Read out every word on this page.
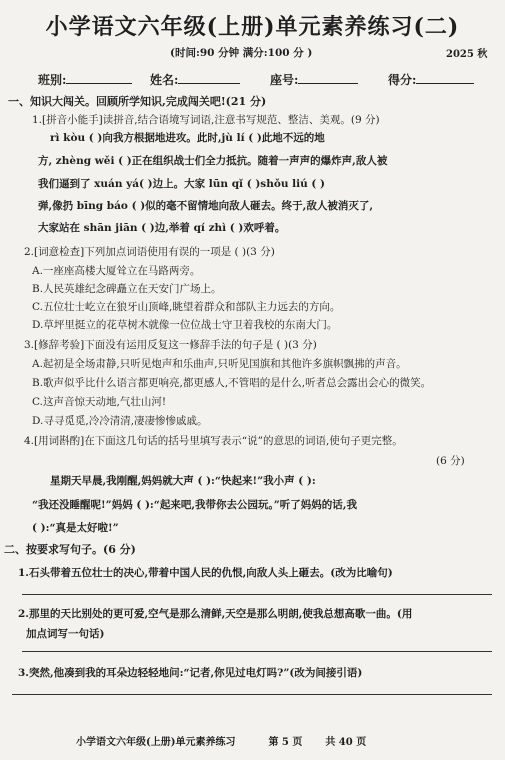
小学语文六年级(上册)单元素养练习(二)
(时间:90 分钟 满分:100 分 )	2025 秋
班别:	姓名:	座号:	得分:
一、知识大闯关。回顾所学知识,完成闯关吧!(21 分)
1.[拼音小能手]读拼音,结合语境写词语,注意书写规范、整洁、美观。(9 分)
rì kòu ( )向我方根据地进攻。此时,jù lí ( )此地不远的地
方, zhèng wěi ( )正在组织战士们全力抵抗。随着一声声的爆炸声,敌人被
我们逼到了 xuán yá( )边上。大家 lūn qǐ ( )shǒu liú ( )
弹,像扔 bīng báo ( )似的毫不留情地向敌人砸去。终于,敌人被消灭了,
大家站在 shān jiān ( )边,举着 qí zhì ( )欢呼着。
2.[词意检查]下列加点词语使用有误的一项是 ( )(3 分)
A.一座座高楼大厦耸立在马路两旁。
B.人民英雄纪念碑矗立在天安门广场上。
C.五位壮士屹立在狼牙山顶峰,眺望着群众和部队主力远去的方向。
D.草坪里挺立的花草树木就像一位位战士守卫着我校的东南大门。
3.[修辞考验]下面没有运用反复这一修辞手法的句子是 ( )(3 分)
A.起初是全场肃静,只听见炮声和乐曲声,只听见国旗和其他许多旗帜飘拂的声音。
B.歌声似乎比什么语言都更响亮,都更感人,不管唱的是什么,听者总会露出会心的微笑。
C.这声音惊天动地,气壮山河!
D.寻寻觅觅,冷冷清清,凄凄惨惨戚戚。
4.[用词斟酌]在下面这几句话的括号里填写表示“说”的意思的词语,使句子更完整。
(6 分)
星期天早晨,我刚醒,妈妈就大声 ( ):“快起来!”我小声 ( ):
“我还没睡醒呢!”妈妈 ( ):“起来吧,我带你去公园玩。”听了妈妈的话,我
( ):“真是太好啦!”
二、按要求写句子。(6 分)
1.石头带着五位壮士的决心,带着中国人民的仇恨,向敌人头上砸去。(改为比喻句)
2.那里的天比别处的更可爱,空气是那么清鲜,天空是那么明朗,使我总想高歌一曲。(用
加点词写一句话)
3.突然,他凑到我的耳朵边轻轻地问:“记者,你见过电灯吗?”(改为间接引语)
小学语文六年级(上册)单元素养练习	第 5 页 共 40 页
